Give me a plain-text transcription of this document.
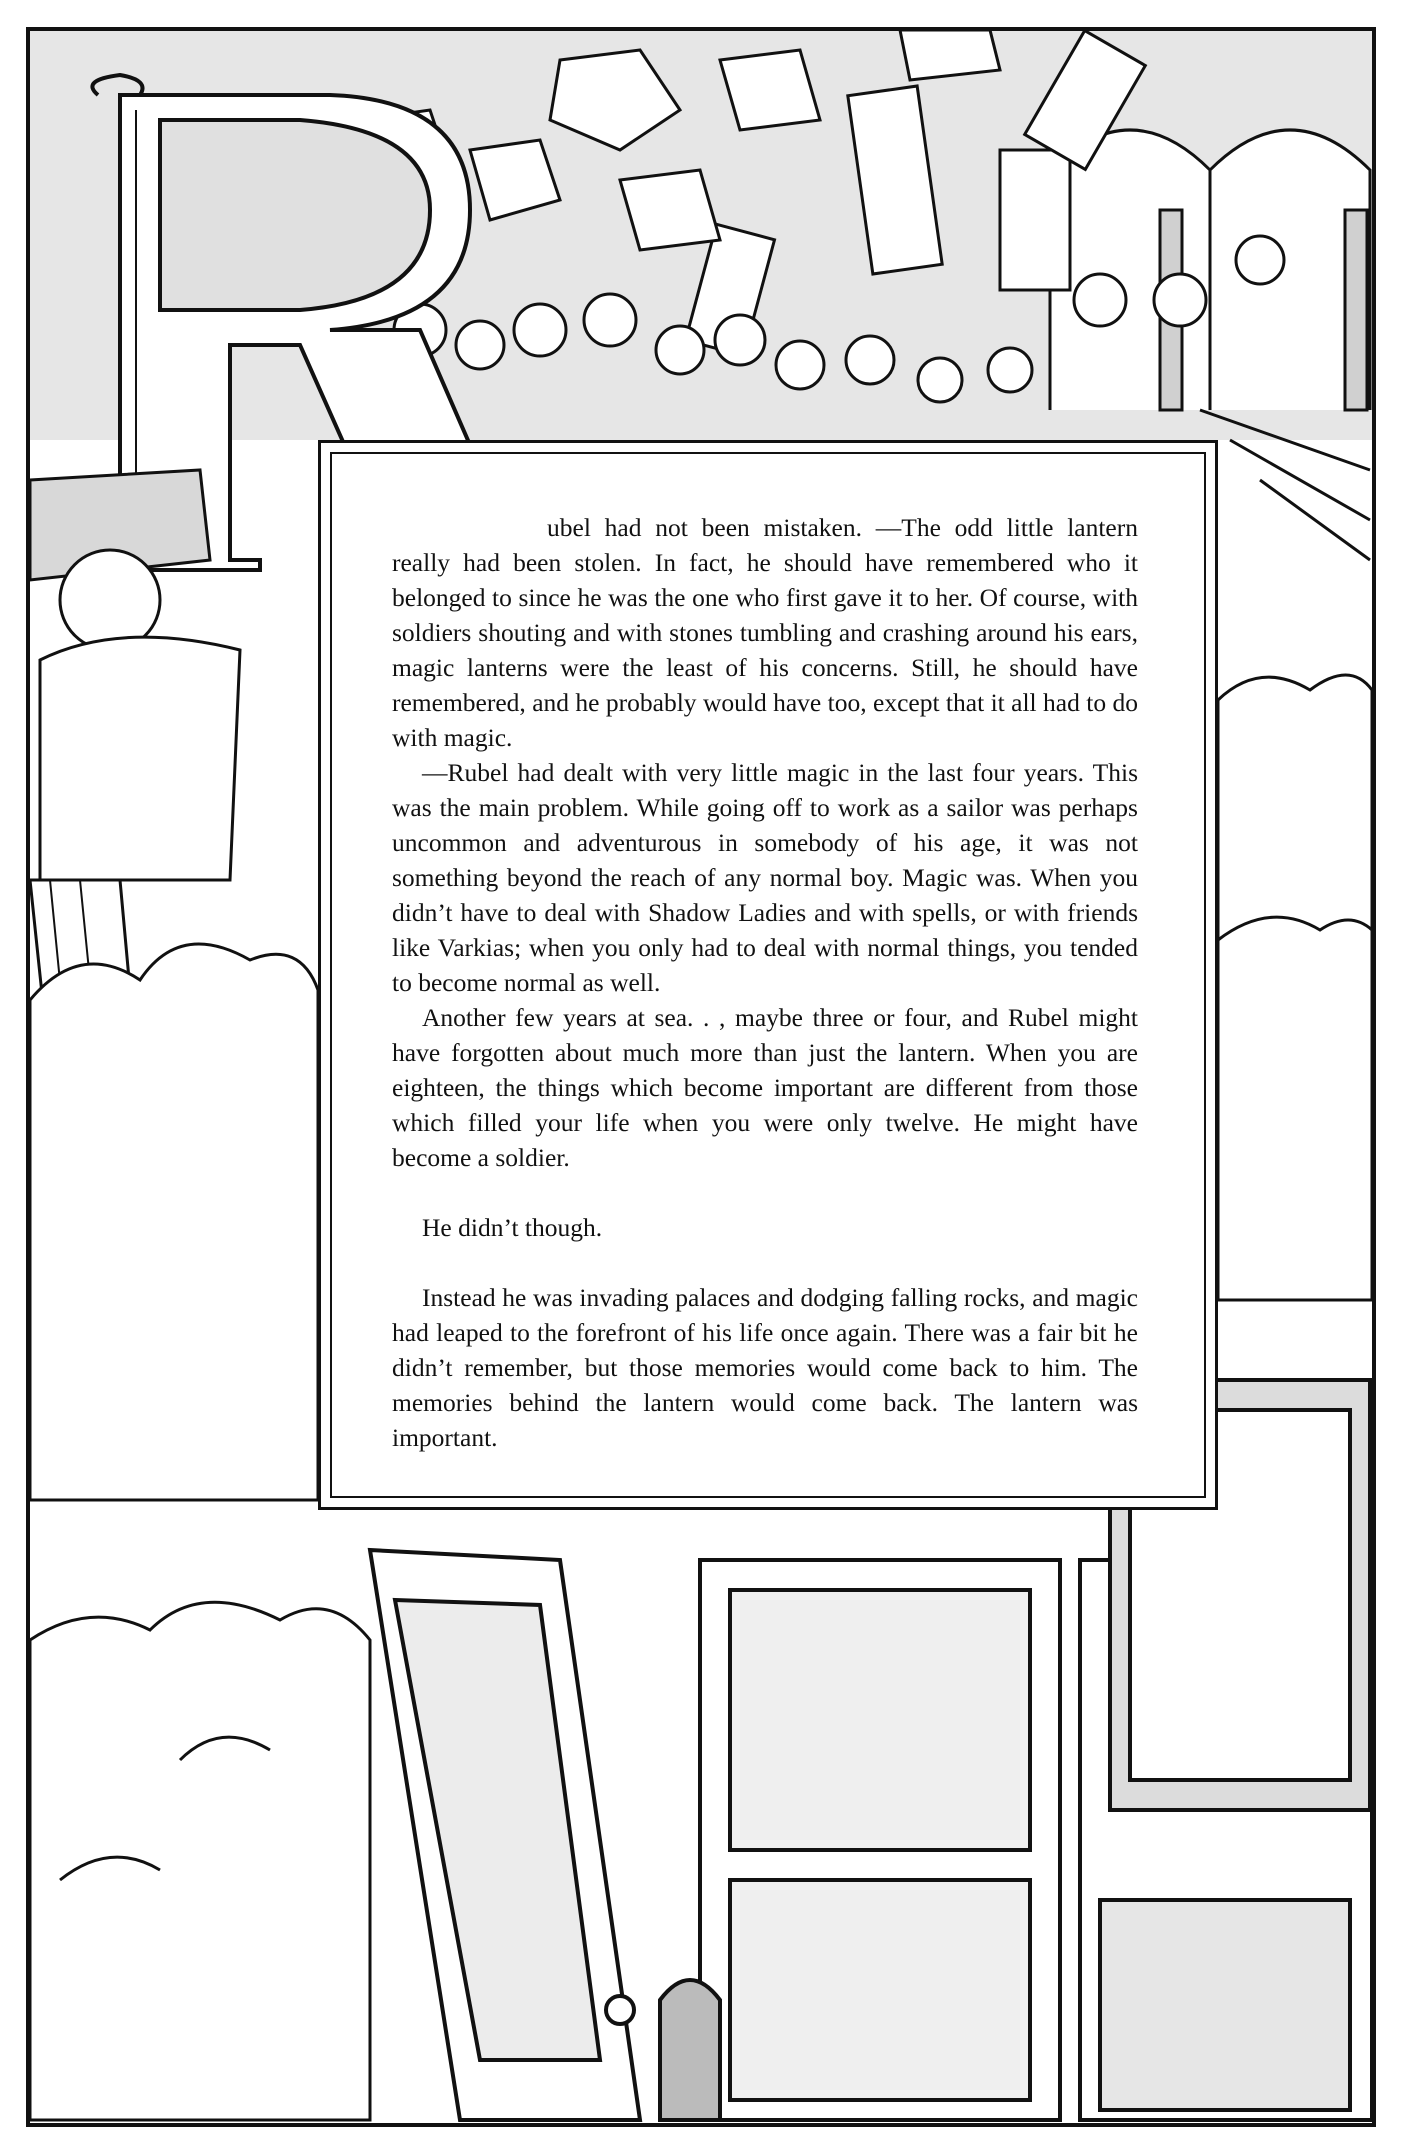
ubel had not been mistaken. —The odd little lantern really had been stolen. In fact, he should have remembered who it belonged to since he was the one who first gave it to her. Of course, with soldiers shouting and with stones tumbling and crashing around his ears, magic lanterns were the least of his concerns. Still, he should have remembered, and he probably would have too, except that it all had to do with magic.

—Rubel had dealt with very little magic in the last four years. This was the main problem. While going off to work as a sailor was perhaps uncommon and adventurous in somebody of his age, it was not something beyond the reach of any normal boy. Magic was. When you didn’t have to deal with Shadow Ladies and with spells, or with friends like Varkias; when you only had to deal with normal things, you tended to become normal as well.

Another few years at sea. . , maybe three or four, and Rubel might have forgotten about much more than just the lantern. When you are eighteen, the things which become important are different from those which filled your life when you were only twelve. He might have become a soldier.

He didn’t though.

Instead he was invading palaces and dodging falling rocks, and magic had leaped to the forefront of his life once again. There was a fair bit he didn’t remember, but those memories would come back to him. The memories behind the lantern would come back. The lantern was important.
